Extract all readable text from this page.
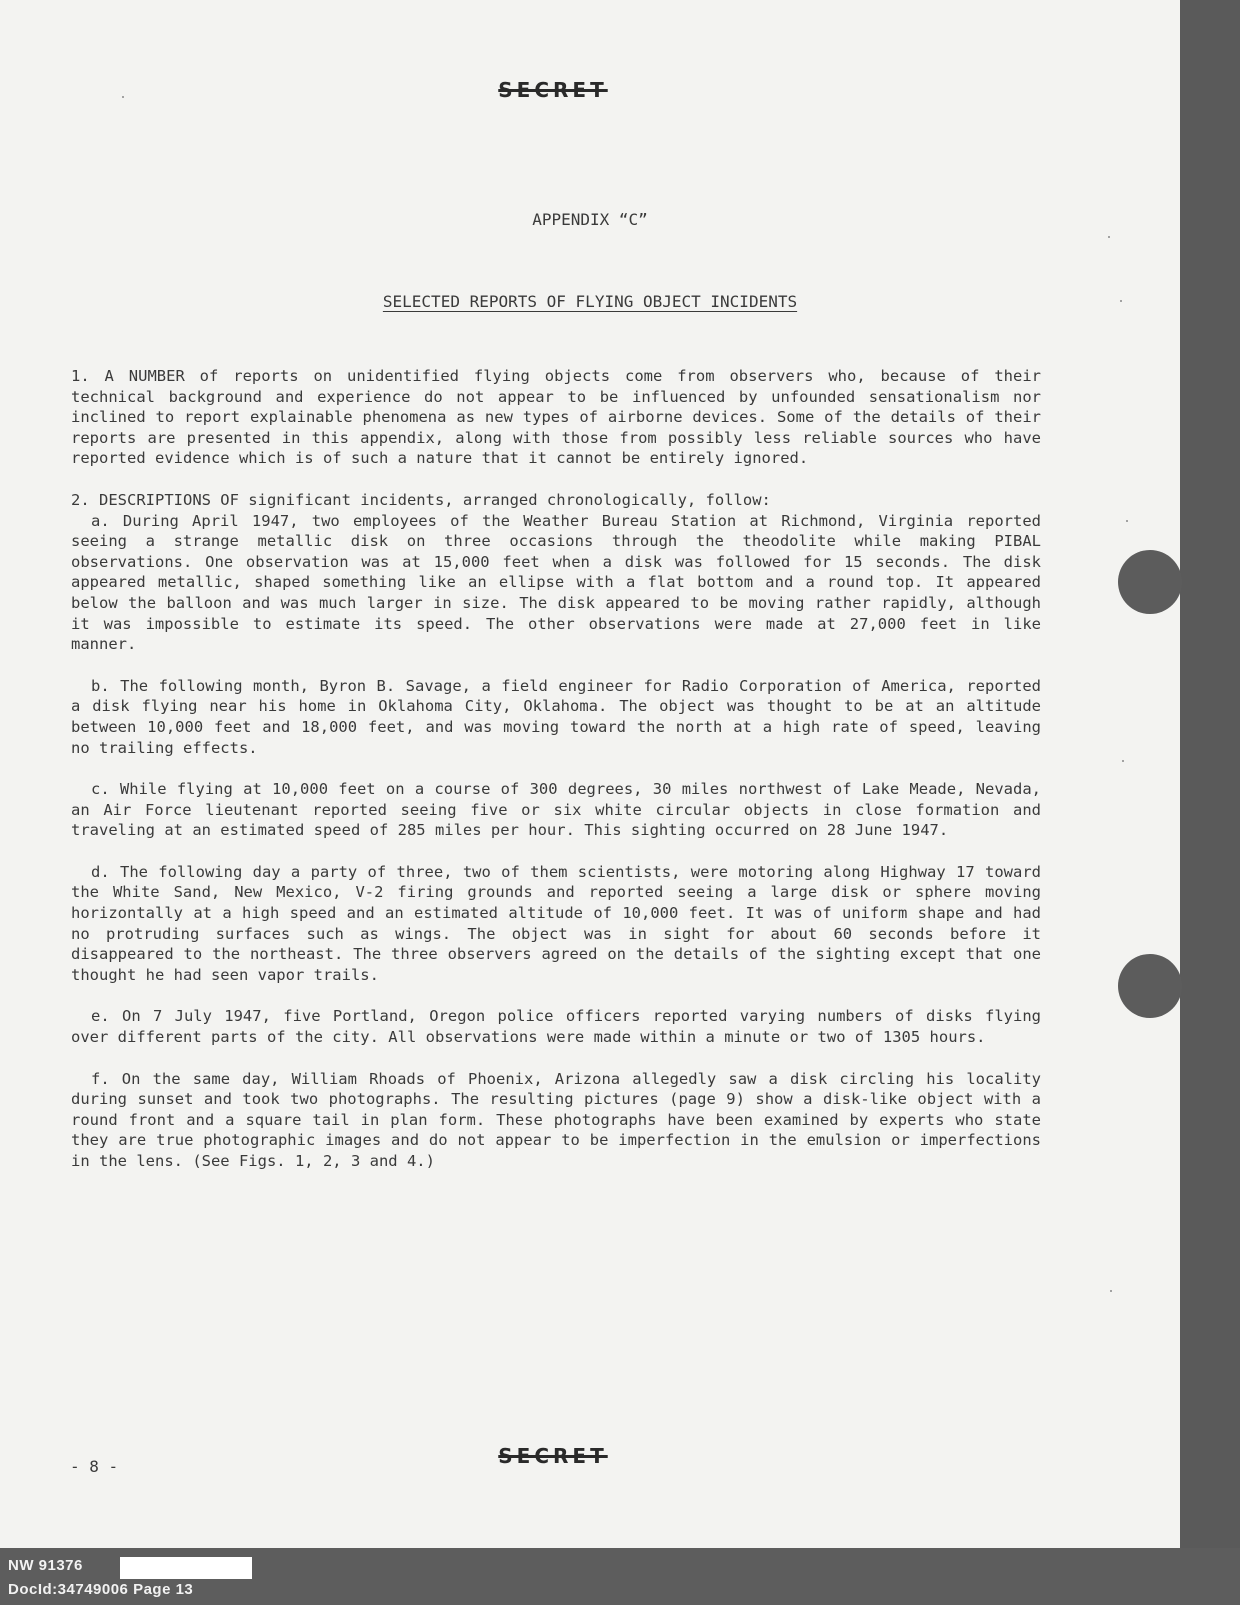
SECRET
APPENDIX “C”
SELECTED REPORTS OF FLYING OBJECT INCIDENTS

1. A NUMBER of reports on unidentified flying objects come from observers who, because of their technical background and experience do not appear to be influenced by unfounded sensationalism nor inclined to report explainable phenomena as new types of airborne devices. Some of the details of their reports are presented in this appendix, along with those from possibly less reliable sources who have reported evidence which is of such a nature that it cannot be entirely ignored.

2. DESCRIPTIONS OF significant incidents, arranged chronologically, follow:

a. During April 1947, two employees of the Weather Bureau Station at Richmond, Virginia reported seeing a strange metallic disk on three occasions through the theodolite while making PIBAL observations. One observation was at 15,000 feet when a disk was followed for 15 seconds. The disk appeared metallic, shaped something like an ellipse with a flat bottom and a round top. It appeared below the balloon and was much larger in size. The disk appeared to be moving rather rapidly, although it was impossible to estimate its speed. The other observations were made at 27,000 feet in like manner.

b. The following month, Byron B. Savage, a field engineer for Radio Corporation of America, reported a disk flying near his home in Oklahoma City, Oklahoma. The object was thought to be at an altitude between 10,000 feet and 18,000 feet, and was moving toward the north at a high rate of speed, leaving no trailing effects.

c. While flying at 10,000 feet on a course of 300 degrees, 30 miles northwest of Lake Meade, Nevada, an Air Force lieutenant reported seeing five or six white circular objects in close formation and traveling at an estimated speed of 285 miles per hour. This sighting occurred on 28 June 1947.

d. The following day a party of three, two of them scientists, were motoring along Highway 17 toward the White Sand, New Mexico, V-2 firing grounds and reported seeing a large disk or sphere moving horizontally at a high speed and an estimated altitude of 10,000 feet. It was of uniform shape and had no protruding surfaces such as wings. The object was in sight for about 60 seconds before it disappeared to the northeast. The three observers agreed on the details of the sighting except that one thought he had seen vapor trails.

e. On 7 July 1947, five Portland, Oregon police officers reported varying numbers of disks flying over different parts of the city. All observations were made within a minute or two of 1305 hours.

f. On the same day, William Rhoads of Phoenix, Arizona allegedly saw a disk circling his locality during sunset and took two photographs. The resulting pictures (page 9) show a disk-like object with a round front and a square tail in plan form. These photographs have been examined by experts who state they are true photographic images and do not appear to be imperfection in the emulsion or imperfections in the lens. (See Figs. 1, 2, 3 and 4.)

- 8 -	SECRET
NW 91376
DocId:34749006 Page 13
